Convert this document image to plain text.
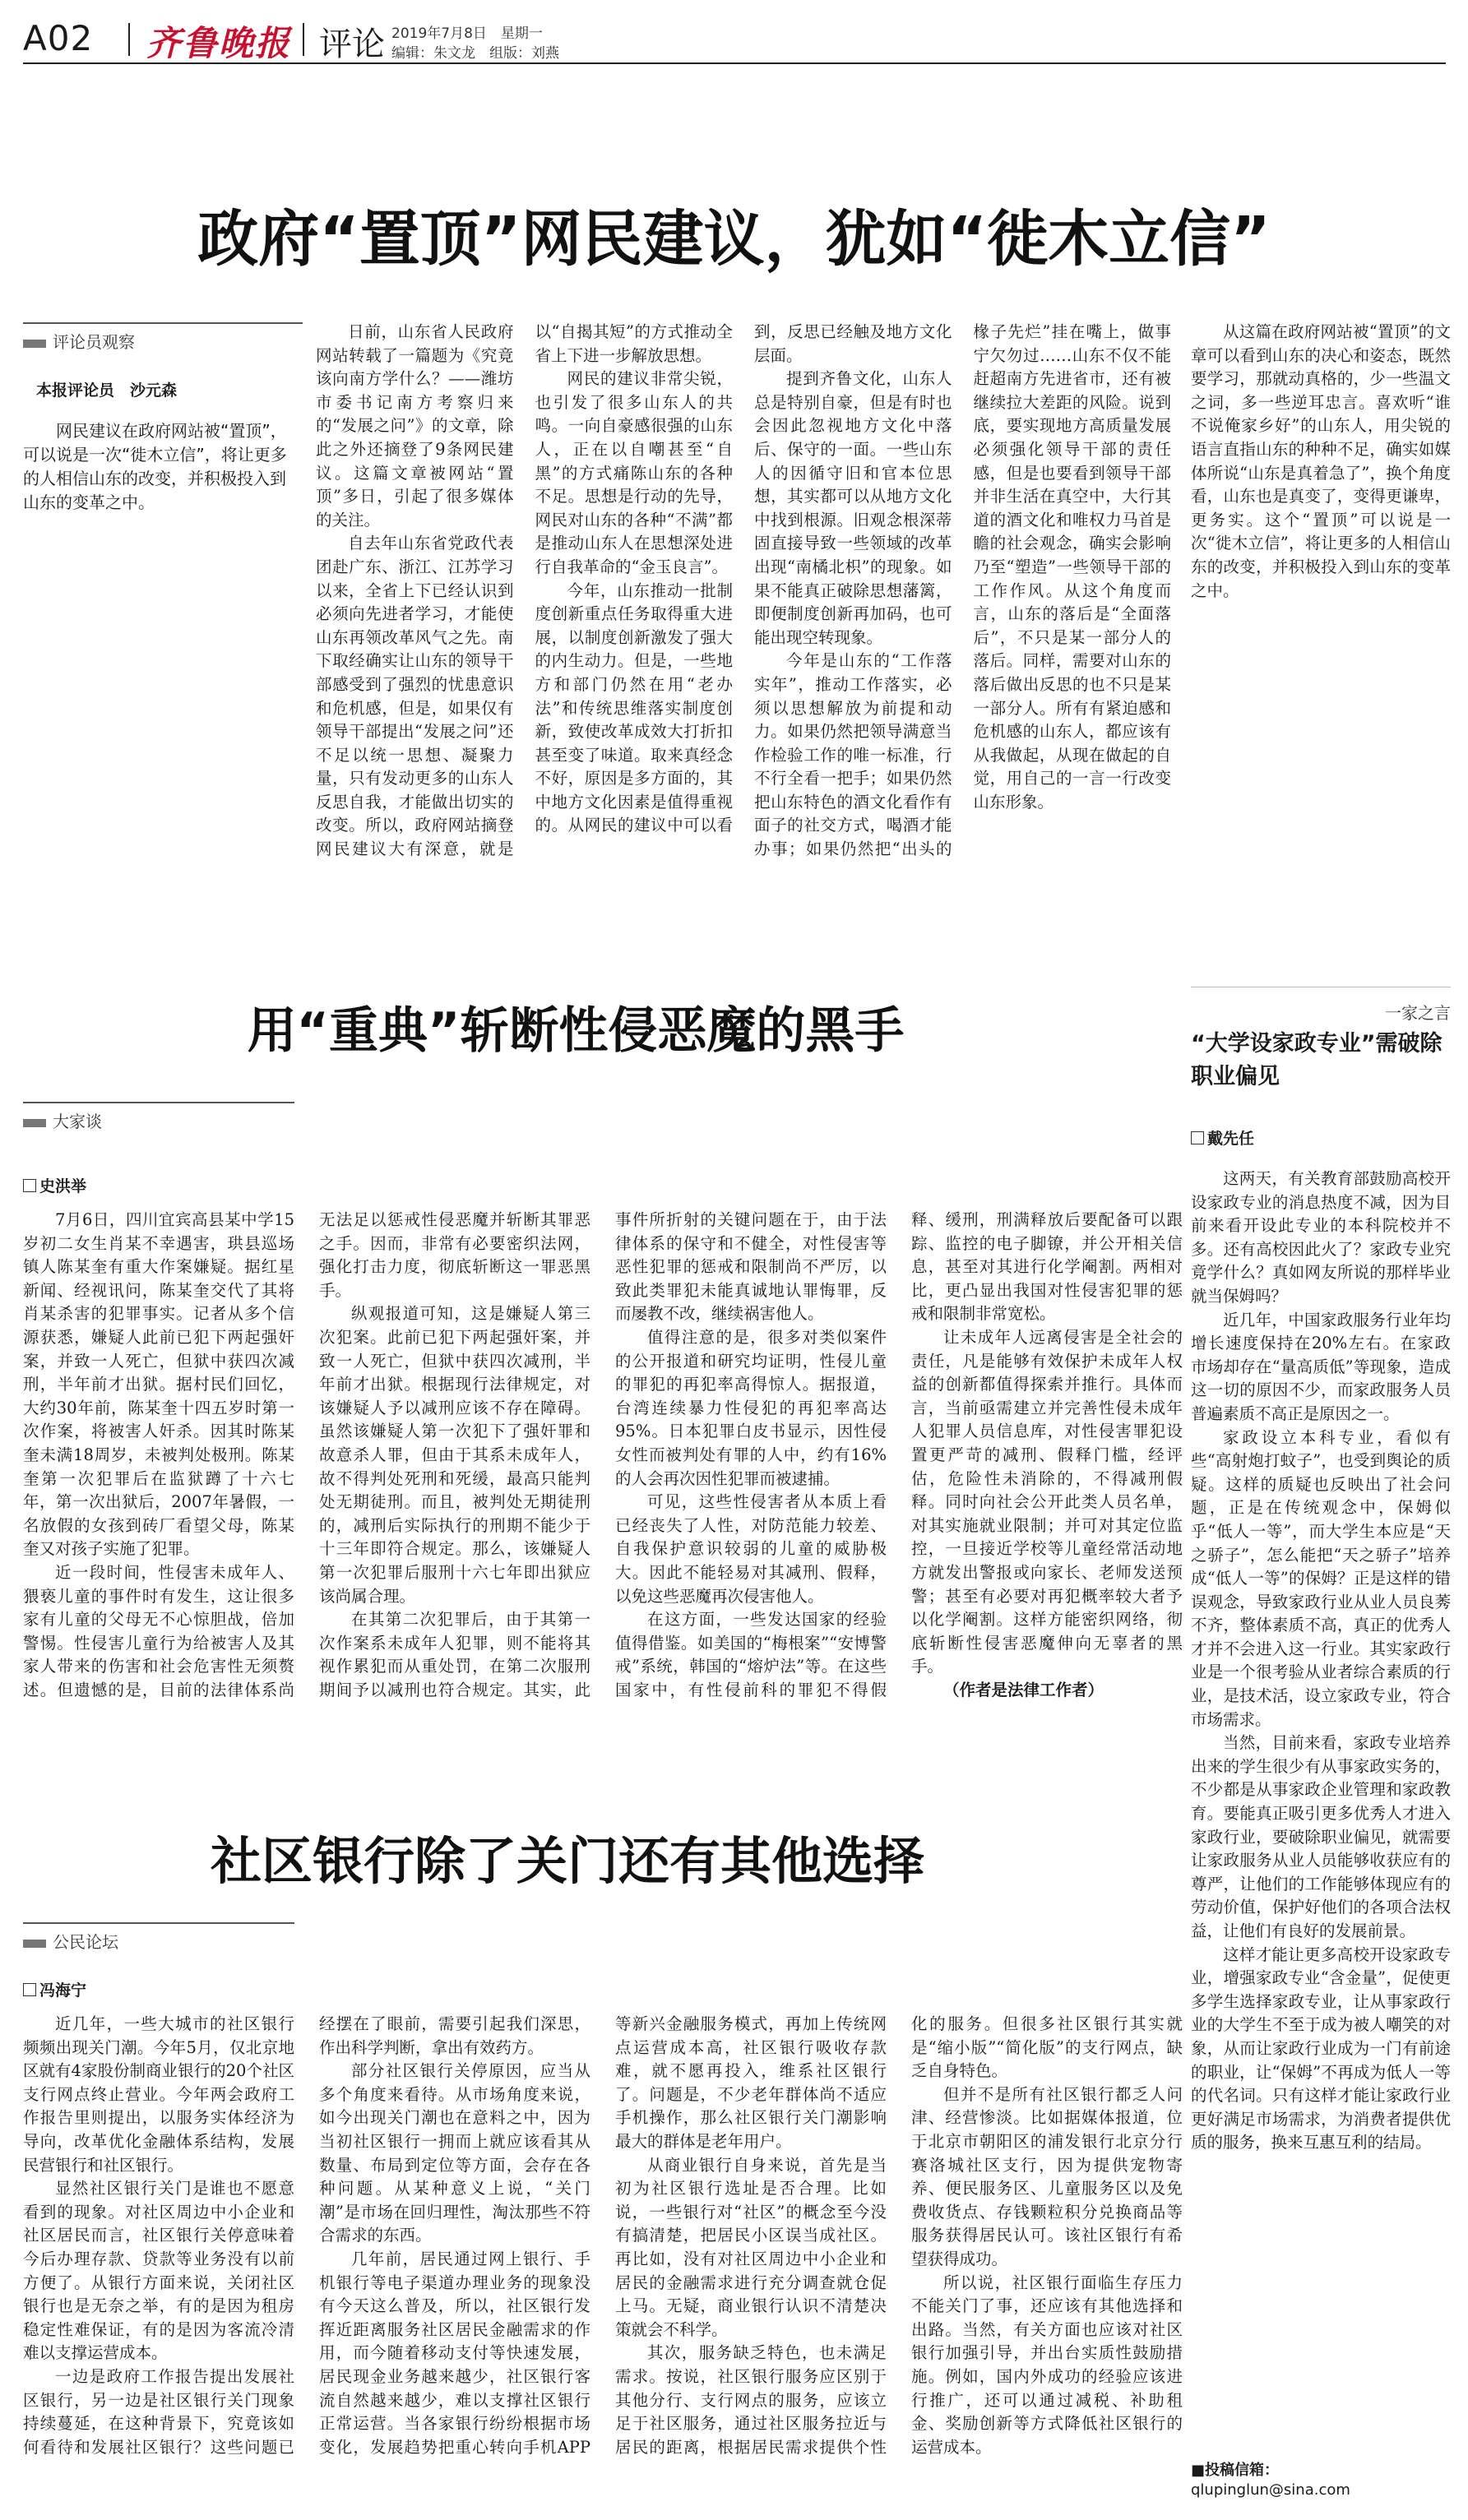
A02 齐鲁晚报 评论 2019年7月8日　星期一
编辑：朱文龙　组版：刘燕
政府“置顶”网民建议，犹如“徙木立信”
评论员观察
本报评论员　沙元森
网民建议在政府网站被“置顶”，可以说是一次“徙木立信”，将让更多的人相信山东的改变，并积极投入到山东的变革之中。

日前，山东省人民政府网站转载了一篇题为《究竟该向南方学什么？——潍坊市委书记南方考察归来的“发展之问”》的文章，除此之外还摘登了9条网民建议。这篇文章被网站“置顶”多日，引起了很多媒体的关注。

自去年山东省党政代表团赴广东、浙江、江苏学习以来，全省上下已经认识到必须向先进者学习，才能使山东再领改革风气之先。南下取经确实让山东的领导干部感受到了强烈的忧患意识和危机感，但是，如果仅有领导干部提出“发展之问”还不足以统一思想、凝聚力量，只有发动更多的山东人反思自我，才能做出切实的改变。所以，政府网站摘登网民建议大有深意，就是以“自揭其短”的方式推动全省上下进一步解放思想。

网民的建议非常尖锐，也引发了很多山东人的共鸣。一向自豪感很强的山东人，正在以自嘲甚至“自黑”的方式痛陈山东的各种不足。思想是行动的先导，网民对山东的各种“不满”都是推动山东人在思想深处进行自我革命的“金玉良言”。

今年，山东推动一批制度创新重点任务取得重大进展，以制度创新激发了强大的内生动力。但是，一些地方和部门仍然在用“老办法”和传统思维落实制度创新，致使改革成效大打折扣甚至变了味道。取来真经念不好，原因是多方面的，其中地方文化因素是值得重视的。从网民的建议中可以看到，反思已经触及地方文化层面。

提到齐鲁文化，山东人总是特别自豪，但是有时也会因此忽视地方文化中落后、保守的一面。一些山东人的因循守旧和官本位思想，其实都可以从地方文化中找到根源。旧观念根深蒂固直接导致一些领域的改革出现“南橘北枳”的现象。如果不能真正破除思想藩篱，即便制度创新再加码，也可能出现空转现象。

今年是山东的“工作落实年”，推动工作落实，必须以思想解放为前提和动力。如果仍然把领导满意当作检验工作的唯一标准，行不行全看一把手；如果仍然把山东特色的酒文化看作有面子的社交方式，喝酒才能办事；如果仍然把“出头的椽子先烂”挂在嘴上，做事宁欠勿过……山东不仅不能赶超南方先进省市，还有被继续拉大差距的风险。说到底，要实现地方高质量发展必须强化领导干部的责任感，但是也要看到领导干部并非生活在真空中，大行其道的酒文化和唯权力马首是瞻的社会观念，确实会影响乃至“塑造”一些领导干部的工作作风。从这个角度而言，山东的落后是“全面落后”，不只是某一部分人的落后。同样，需要对山东的落后做出反思的也不只是某一部分人。所有有紧迫感和危机感的山东人，都应该有从我做起，从现在做起的自觉，用自己的一言一行改变山东形象。

从这篇在政府网站被“置顶”的文章可以看到山东的决心和姿态，既然要学习，那就动真格的，少一些温文之词，多一些逆耳忠言。喜欢听“谁不说俺家乡好”的山东人，用尖锐的语言直指山东的种种不足，确实如媒体所说“山东是真着急了”，换个角度看，山东也是真变了，变得更谦卑，更务实。这个“置顶”可以说是一次“徙木立信”，将让更多的人相信山东的改变，并积极投入到山东的变革之中。

用“重典”斩断性侵恶魔的黑手
大家谈
史洪举

7月6日，四川宜宾高县某中学15岁初二女生肖某不幸遇害，珙县巡场镇人陈某奎有重大作案嫌疑。据红星新闻、经视讯问，陈某奎交代了其将肖某杀害的犯罪事实。记者从多个信源获悉，嫌疑人此前已犯下两起强奸案，并致一人死亡，但狱中获四次减刑，半年前才出狱。据村民们回忆，大约30年前，陈某奎十四五岁时第一次作案，将被害人奸杀。因其时陈某奎未满18周岁，未被判处极刑。陈某奎第一次犯罪后在监狱蹲了十六七年，第一次出狱后，2007年暑假，一名放假的女孩到砖厂看望父母，陈某奎又对孩子实施了犯罪。

近一段时间，性侵害未成年人、猥亵儿童的事件时有发生，这让很多家有儿童的父母无不心惊胆战，倍加警惕。性侵害儿童行为给被害人及其家人带来的伤害和社会危害性无须赘述。但遗憾的是，目前的法律体系尚无法足以惩戒性侵恶魔并斩断其罪恶之手。因而，非常有必要密织法网，强化打击力度，彻底斩断这一罪恶黑手。

纵观报道可知，这是嫌疑人第三次犯案。此前已犯下两起强奸案，并致一人死亡，但狱中获四次减刑，半年前才出狱。根据现行法律规定，对该嫌疑人予以减刑应该不存在障碍。虽然该嫌疑人第一次犯下了强奸罪和故意杀人罪，但由于其系未成年人，故不得判处死刑和死缓，最高只能判处无期徒刑。而且，被判处无期徒刑的，减刑后实际执行的刑期不能少于十三年即符合规定。那么，该嫌疑人第一次犯罪后服刑十六七年即出狱应该尚属合理。

在其第二次犯罪后，由于其第一次作案系未成年人犯罪，则不能将其视作累犯而从重处罚，在第二次服刑期间予以减刑也符合规定。其实，此事件所折射的关键问题在于，由于法律体系的保守和不健全，对性侵害等恶性犯罪的惩戒和限制尚不严厉，以致此类罪犯未能真诚地认罪悔罪，反而屡教不改，继续祸害他人。

值得注意的是，很多对类似案件的公开报道和研究均证明，性侵儿童的罪犯的再犯率高得惊人。据报道，台湾连续暴力性侵犯的再犯率高达95%。日本犯罪白皮书显示，因性侵女性而被判处有罪的人中，约有16%的人会再次因性犯罪而被逮捕。

可见，这些性侵害者从本质上看已经丧失了人性，对防范能力较差、自我保护意识较弱的儿童的威胁极大。因此不能轻易对其减刑、假释，以免这些恶魔再次侵害他人。

在这方面，一些发达国家的经验值得借鉴。如美国的“梅根案”“安博警戒”系统，韩国的“熔炉法”等。在这些国家中，有性侵前科的罪犯不得假释、缓刑，刑满释放后要配备可以跟踪、监控的电子脚镣，并公开相关信息，甚至对其进行化学阉割。两相对比，更凸显出我国对性侵害犯罪的惩戒和限制非常宽松。

让未成年人远离侵害是全社会的责任，凡是能够有效保护未成年人权益的创新都值得探索并推行。具体而言，当前亟需建立并完善性侵未成年人犯罪人员信息库，对性侵害罪犯设置更严苛的减刑、假释门槛，经评估，危险性未消除的，不得减刑假释。同时向社会公开此类人员名单，对其实施就业限制；并可对其定位监控，一旦接近学校等儿童经常活动地方就发出警报或向家长、老师发送预警；甚至有必要对再犯概率较大者予以化学阉割。这样方能密织网络，彻底斩断性侵害恶魔伸向无辜者的黑手。

（作者是法律工作者）

一家之言
“大学设家政专业”需破除职业偏见
戴先任

这两天，有关教育部鼓励高校开设家政专业的消息热度不减，因为目前来看开设此专业的本科院校并不多。还有高校因此火了？家政专业究竟学什么？真如网友所说的那样毕业就当保姆吗？

近几年，中国家政服务行业年均增长速度保持在20%左右。在家政市场却存在“量高质低”等现象，造成这一切的原因不少，而家政服务人员普遍素质不高正是原因之一。

家政设立本科专业，看似有些“高射炮打蚊子”，也受到舆论的质疑。这样的质疑也反映出了社会问题，正是在传统观念中，保姆似乎“低人一等”，而大学生本应是“天之骄子”，怎么能把“天之骄子”培养成“低人一等”的保姆？正是这样的错误观念，导致家政行业从业人员良莠不齐，整体素质不高，真正的优秀人才并不会进入这一行业。其实家政行业是一个很考验从业者综合素质的行业，是技术活，设立家政专业，符合市场需求。

当然，目前来看，家政专业培养出来的学生很少有从事家政实务的，不少都是从事家政企业管理和家政教育。要能真正吸引更多优秀人才进入家政行业，要破除职业偏见，就需要让家政服务从业人员能够收获应有的尊严，让他们的工作能够体现应有的劳动价值，保护好他们的各项合法权益，让他们有良好的发展前景。

这样才能让更多高校开设家政专业，增强家政专业“含金量”，促使更多学生选择家政专业，让从事家政行业的大学生不至于成为被人嘲笑的对象，从而让家政行业成为一门有前途的职业，让“保姆”不再成为低人一等的代名词。只有这样才能让家政行业更好满足市场需求，为消费者提供优质的服务，换来互惠互利的结局。

■投稿信箱：
qlupinglun@sina.com
社区银行除了关门还有其他选择
公民论坛
冯海宁

近几年，一些大城市的社区银行频频出现关门潮。今年5月，仅北京地区就有4家股份制商业银行的20个社区支行网点终止营业。今年两会政府工作报告里则提出，以服务实体经济为导向，改革优化金融体系结构，发展民营银行和社区银行。

显然社区银行关门是谁也不愿意看到的现象。对社区周边中小企业和社区居民而言，社区银行关停意味着今后办理存款、贷款等业务没有以前方便了。从银行方面来说，关闭社区银行也是无奈之举，有的是因为租房稳定性难保证，有的是因为客流冷清难以支撑运营成本。

一边是政府工作报告提出发展社区银行，另一边是社区银行关门现象持续蔓延，在这种背景下，究竟该如何看待和发展社区银行？这些问题已经摆在了眼前，需要引起我们深思，作出科学判断，拿出有效药方。

部分社区银行关停原因，应当从多个角度来看待。从市场角度来说，如今出现关门潮也在意料之中，因为当初社区银行一拥而上就应该看其从数量、布局到定位等方面，会存在各种问题。从某种意义上说，“关门潮”是市场在回归理性，淘汰那些不符合需求的东西。

几年前，居民通过网上银行、手机银行等电子渠道办理业务的现象没有今天这么普及，所以，社区银行发挥近距离服务社区居民金融需求的作用，而今随着移动支付等快速发展，居民现金业务越来越少，社区银行客流自然越来越少，难以支撑社区银行正常运营。当各家银行纷纷根据市场变化，发展趋势把重心转向手机APP等新兴金融服务模式，再加上传统网点运营成本高，社区银行吸收存款难，就不愿再投入，维系社区银行了。问题是，不少老年群体尚不适应手机操作，那么社区银行关门潮影响最大的群体是老年用户。

从商业银行自身来说，首先是当初为社区银行选址是否合理。比如说，一些银行对“社区”的概念至今没有搞清楚，把居民小区误当成社区。再比如，没有对社区周边中小企业和居民的金融需求进行充分调查就仓促上马。无疑，商业银行认识不清楚决策就会不科学。

其次，服务缺乏特色，也未满足需求。按说，社区银行服务应区别于其他分行、支行网点的服务，应该立足于社区服务，通过社区服务拉近与居民的距离，根据居民需求提供个性化的服务。但很多社区银行其实就是“缩小版”“简化版”的支行网点，缺乏自身特色。

但并不是所有社区银行都乏人问津、经营惨淡。比如据媒体报道，位于北京市朝阳区的浦发银行北京分行赛洛城社区支行，因为提供宠物寄养、便民服务区、儿童服务区以及免费收货点、存钱颗粒积分兑换商品等服务获得居民认可。该社区银行有希望获得成功。

所以说，社区银行面临生存压力不能关门了事，还应该有其他选择和出路。当然，有关方面也应该对社区银行加强引导，并出台实质性鼓励措施。例如，国内外成功的经验应该进行推广，还可以通过减税、补助租金、奖励创新等方式降低社区银行的运营成本。
